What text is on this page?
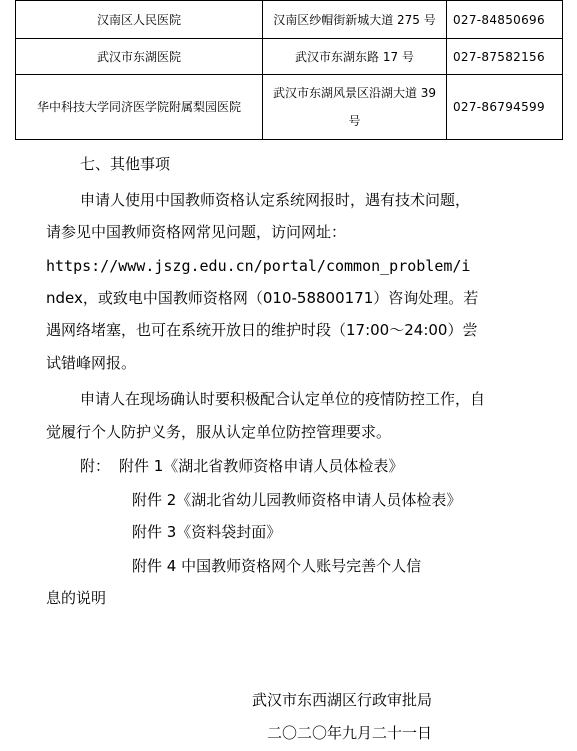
汉南区人民医院	汉南区纱帽街新城大道 275 号	027-84850696
武汉市东湖医院	武汉市东湖东路 17 号	027-87582156
华中科技大学同济医学院附属梨园医院	武汉市东湖风景区沿湖大道 39 号	027-86794599
七、其他事项
申请人使用中国教师资格认定系统网报时，遇有技术问题，
请参见中国教师资格网常见问题，访问网址：
https://www.jszg.edu.cn/portal/common_problem/i
ndex，或致电中国教师资格网（010-58800171）咨询处理。若
遇网络堵塞，也可在系统开放日的维护时段（17:00～24:00）尝
试错峰网报。
申请人在现场确认时要积极配合认定单位的疫情防控工作，自
觉履行个人防护义务，服从认定单位防控管理要求。
附： 附件 1《湖北省教师资格申请人员体检表》
附件 2《湖北省幼儿园教师资格申请人员体检表》
附件 3《资料袋封面》
附件 4 中国教师资格网个人账号完善个人信
息的说明
武汉市东西湖区行政审批局
二〇二〇年九月二十一日
